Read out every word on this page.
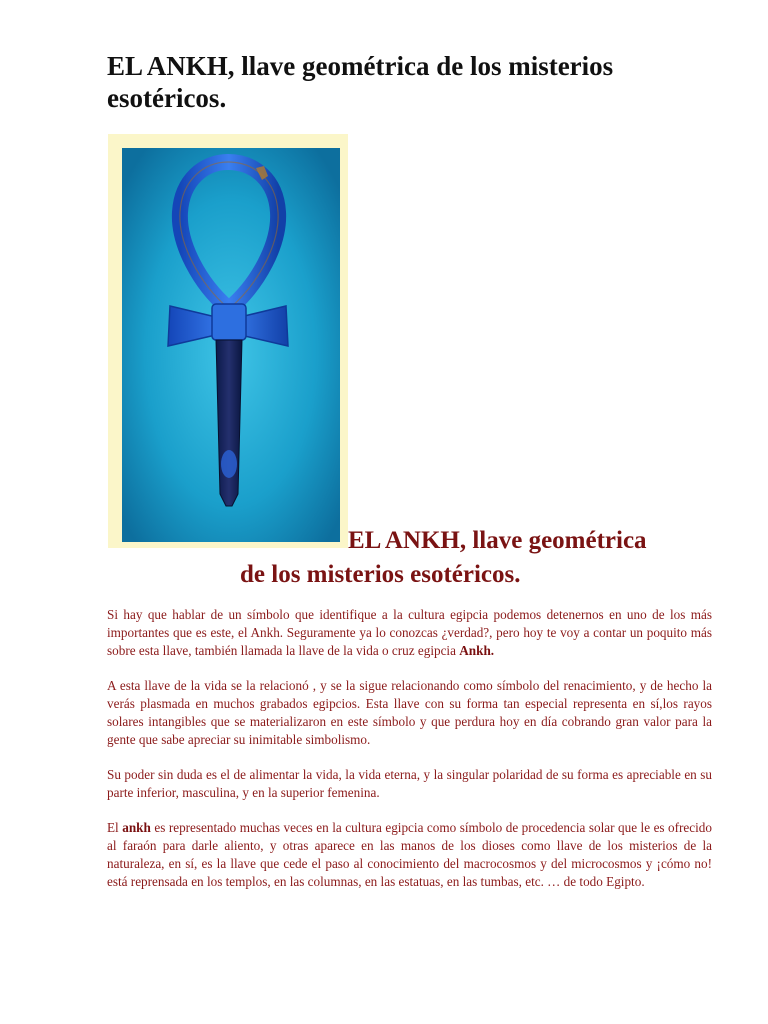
EL ANKH, llave geométrica de los misterios esotéricos.
EL ANKH, llave geométrica
de los misterios esotéricos.

Si hay que hablar de un símbolo que identifique a la cultura egipcia podemos detenernos en uno de los más importantes que es este, el Ankh. Seguramente ya lo conozcas ¿verdad?, pero hoy te voy a contar un poquito más sobre esta llave, también llamada la llave de la vida o cruz egipcia Ankh.

A esta llave de la vida se la relacionó , y se la sigue relacionando como símbolo del renacimiento, y de hecho la verás plasmada en muchos grabados egipcios. Esta llave con su forma tan especial representa en sí,los rayos solares intangibles que se materializaron en este símbolo y que perdura hoy en día cobrando gran valor para la gente que sabe apreciar su inimitable simbolismo.

Su poder sin duda es el de alimentar la vida, la vida eterna, y la singular polaridad de su forma es apreciable en su parte inferior, masculina, y en la superior femenina.

El ankh es representado muchas veces en la cultura egipcia como símbolo de procedencia solar que le es ofrecido al faraón para darle aliento, y otras aparece en las manos de los dioses como llave de los misterios de la naturaleza, en sí, es la llave que cede el paso al conocimiento del macrocosmos y del microcosmos y ¡cómo no! está reprensada en los templos, en las columnas, en las estatuas, en las tumbas, etc. … de todo Egipto.
